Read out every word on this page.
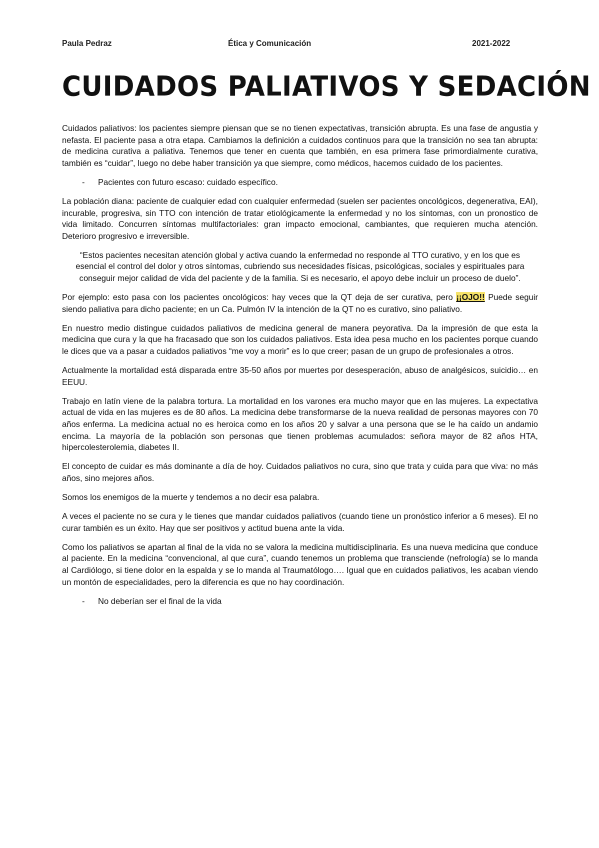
Paula Pedraz	Ética y Comunicación	2021-2022
CUIDADOS PALIATIVOS Y SEDACIÓN

Cuidados paliativos: los pacientes siempre piensan que se no tienen expectativas, transición abrupta. Es una fase de angustia y nefasta. El paciente pasa a otra etapa. Cambiamos la definición a cuidados continuos para que la transición no sea tan abrupta: de medicina curativa a paliativa. Tenemos que tener en cuenta que también, en esa primera fase primordialmente curativa, también es “cuidar”, luego no debe haber transición ya que siempre, como médicos, hacemos cuidado de los pacientes.

-	Pacientes con futuro escaso: cuidado específico.

La población diana: paciente de cualquier edad con cualquier enfermedad (suelen ser pacientes oncológicos, degenerativa, EAI), incurable, progresiva, sin TTO con intención de tratar etiológicamente la enfermedad y no los síntomas, con un pronostico de vida limitado. Concurren síntomas multifactoriales: gran impacto emocional, cambiantes, que requieren mucha atención. Deterioro progresivo e irreversible.

“Estos pacientes necesitan atención global y activa cuando la enfermedad no responde al TTO curativo, y en los que es esencial el control del dolor y otros síntomas, cubriendo sus necesidades físicas, psicológicas, sociales y espirituales para conseguir mejor calidad de vida del paciente y de la familia. Si es necesario, el apoyo debe incluir un proceso de duelo”.

Por ejemplo: esto pasa con los pacientes oncológicos: hay veces que la QT deja de ser curativa, pero ¡¡OJO!! Puede seguir siendo paliativa para dicho paciente; en un Ca. Pulmón IV la intención de la QT no es curativo, sino paliativo.

En nuestro medio distingue cuidados paliativos de medicina general de manera peyorativa. Da la impresión de que esta la medicina que cura y la que ha fracasado que son los cuidados paliativos. Esta idea pesa mucho en los pacientes porque cuando le dices que va a pasar a cuidados paliativos “me voy a morir” es lo que creer; pasan de un grupo de profesionales a otros.

Actualmente la mortalidad está disparada entre 35-50 años por muertes por desesperación, abuso de analgésicos, suicidio… en EEUU.

Trabajo en latín viene de la palabra tortura. La mortalidad en los varones era mucho mayor que en las mujeres. La expectativa actual de vida en las mujeres es de 80 años. La medicina debe transformarse de la nueva realidad de personas mayores con 70 años enferma. La medicina actual no es heroica como en los años 20 y salvar a una persona que se le ha caído un andamio encima. La mayoría de la población son personas que tienen problemas acumulados: señora mayor de 82 años HTA, hipercolesterolemia, diabetes II.

El concepto de cuidar es más dominante a día de hoy. Cuidados paliativos no cura, sino que trata y cuida para que viva: no más años, sino mejores años.

Somos los enemigos de la muerte y tendemos a no decir esa palabra.

A veces el paciente no se cura y le tienes que mandar cuidados paliativos (cuando tiene un pronóstico inferior a 6 meses). El no curar también es un éxito. Hay que ser positivos y actitud buena ante la vida.

Como los paliativos se apartan al final de la vida no se valora la medicina multidisciplinaria. Es una nueva medicina que conduce al paciente. En la medicina “convencional, al que cura”, cuando tenemos un problema que transciende (nefrología) se lo manda al Cardiólogo, si tiene dolor en la espalda y se lo manda al Traumatólogo…. Igual que en cuidados paliativos, les acaban viendo un montón de especialidades, pero la diferencia es que no hay coordinación.

-	No deberían ser el final de la vida
